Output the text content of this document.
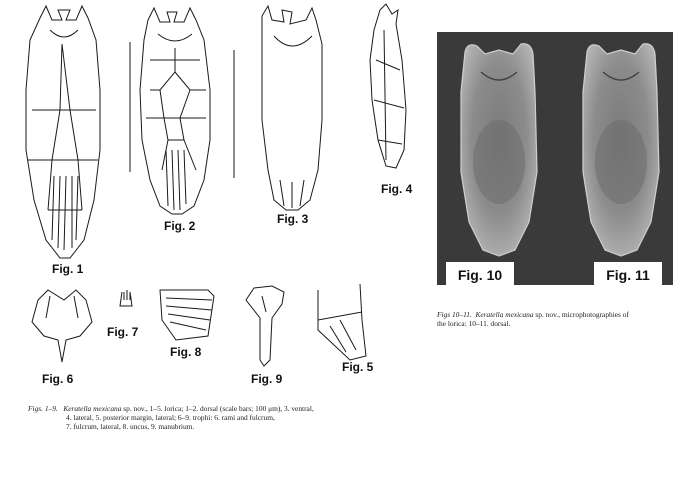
Fig. 1
Fig. 2	Fig. 3
Fig. 4
Fig. 5
Fig. 6
Fig. 7
Fig. 8
Fig. 9
Fig. 10	Fig. 11
Figs 10–11. Keratella mexicana sp. nov., microphotographies of
the lorica: 10–11. dorsal.
Figs. 1–9. Keratella mexicana sp. nov., 1–5. lorica; 1–2. dorsal (scale bars; 100 μm), 3. ventral,
4. lateral, 5. posterior margin, lateral; 6–9. trophi: 6. rami and fulcrum,
7. fulcrum, lateral, 8. uncus, 9. manubrium.
